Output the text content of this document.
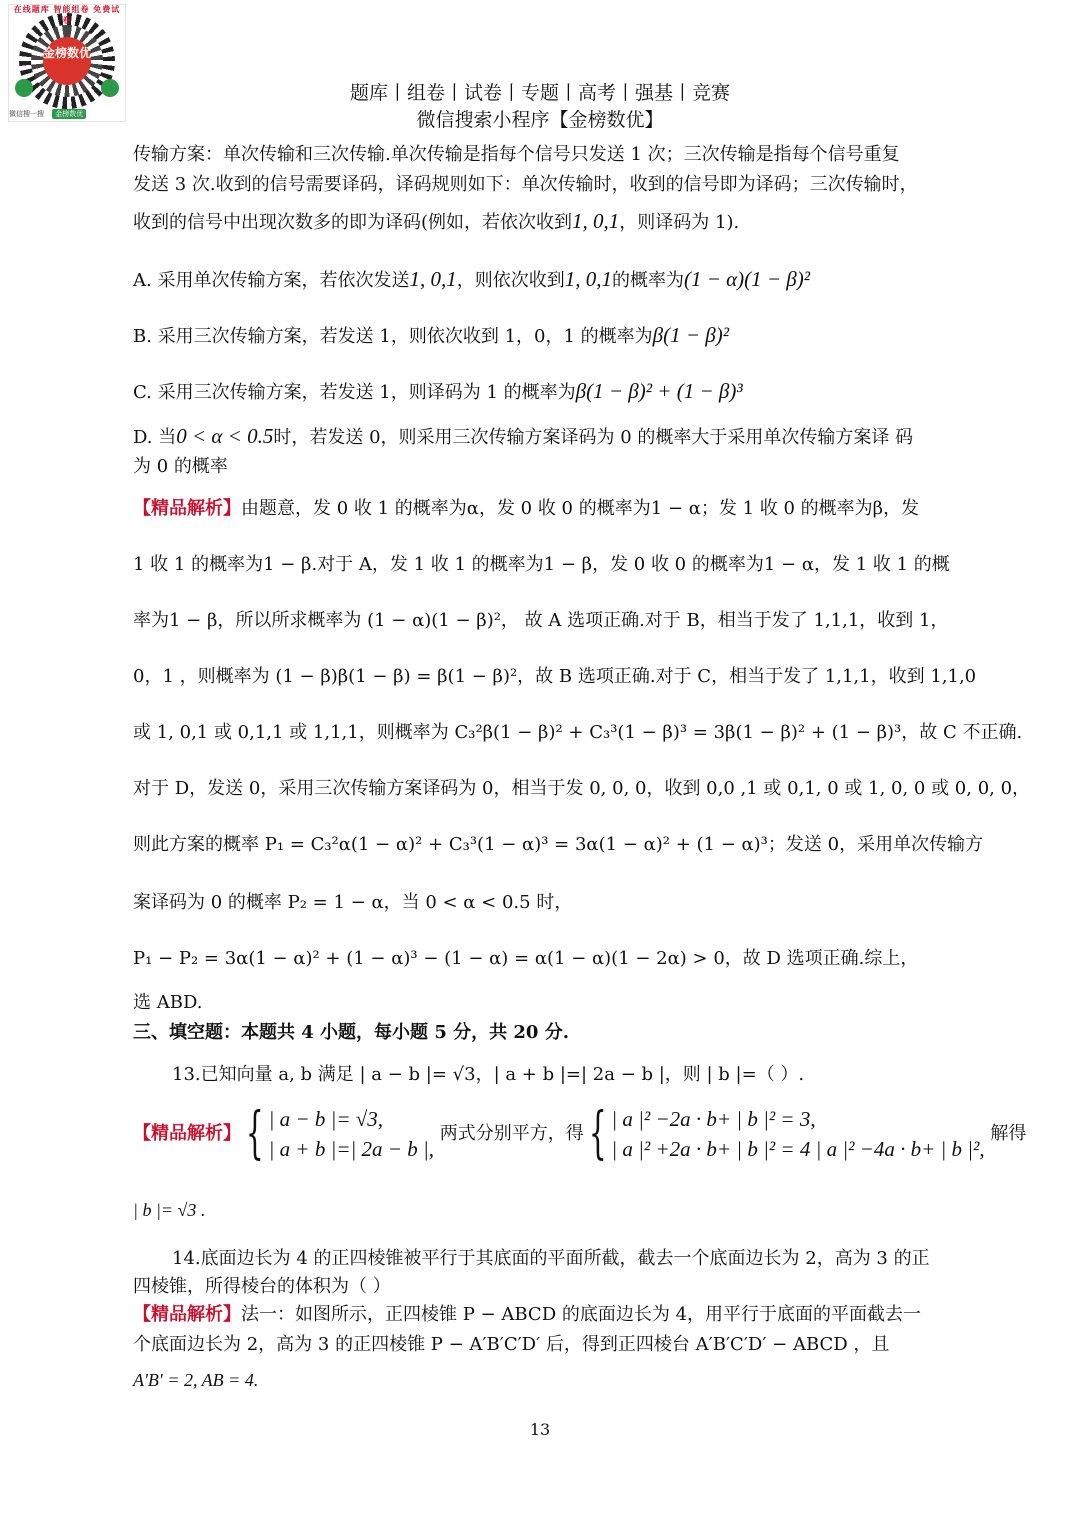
金榜数优
在线题库 智能组卷 免费试卷
微信搜一搜 金榜数优
题库丨组卷丨试卷丨专题丨高考丨强基丨竞赛
微信搜索小程序【金榜数优】
传输方案：单次传输和三次传输.单次传输是指每个信号只发送 1 次；三次传输是指每个信号重复
发送 3 次.收到的信号需要译码，译码规则如下：单次传输时，收到的信号即为译码；三次传输时，
收到的信号中出现次数多的即为译码(例如，若依次收到1, 0,1，则译码为 1).
A. 采用单次传输方案，若依次发送1, 0,1，则依次收到1, 0,1的概率为(1 − α)(1 − β)²
B. 采用三次传输方案，若发送 1，则依次收到 1，0，1 的概率为β(1 − β)²
C. 采用三次传输方案，若发送 1，则译码为 1 的概率为β(1 − β)² + (1 − β)³
D. 当0 < α < 0.5时，若发送 0，则采用三次传输方案译码为 0 的概率大于采用单次传输方案译 码
为 0 的概率
【精品解析】由题意，发 0 收 1 的概率为α，发 0 收 0 的概率为1 − α；发 1 收 0 的概率为β，发
1 收 1 的概率为1 − β.对于 A，发 1 收 1 的概率为1 − β，发 0 收 0 的概率为1 − α，发 1 收 1 的概
率为1 − β，所以所求概率为 (1 − α)(1 − β)²， 故 A 选项正确.对于 B，相当于发了 1,1,1，收到 1，
0，1 ，则概率为 (1 − β)β(1 − β) = β(1 − β)²，故 B 选项正确.对于 C，相当于发了 1,1,1，收到 1,1,0
或 1, 0,1 或 0,1,1 或 1,1,1，则概率为 C₃²β(1 − β)² + C₃³(1 − β)³ = 3β(1 − β)² + (1 − β)³，故 C 不正确.
对于 D，发送 0，采用三次传输方案译码为 0，相当于发 0, 0, 0，收到 0,0 ,1 或 0,1, 0 或 1, 0, 0 或 0, 0, 0，
则此方案的概率 P₁ = C₃²α(1 − α)² + C₃³(1 − α)³ = 3α(1 − α)² + (1 − α)³；发送 0，采用单次传输方
案译码为 0 的概率 P₂ = 1 − α，当 0 < α < 0.5 时，
P₁ − P₂ = 3α(1 − α)² + (1 − α)³ − (1 − α) = α(1 − α)(1 − 2α) > 0，故 D 选项正确.综上，
选 ABD.
三、填空题：本题共 4 小题，每小题 5 分，共 20 分.
13.已知向量 a, b 满足 | a − b |= √3，| a + b |=| 2a − b |，则 | b |=（ ）.
【精品解析】{ | a − b |= √3,
| a + b |=| 2a − b |,
两式分别平方，得{ | a |² −2a · b+ | b |² = 3,
| a |² +2a · b+ | b |² = 4 | a |² −4a · b+ | b |²,
解得
| b |= √3 .
14.底面边长为 4 的正四棱锥被平行于其底面的平面所截，截去一个底面边长为 2，高为 3 的正
四棱锥，所得棱台的体积为（ ）
【精品解析】法一：如图所示，正四棱锥 P − ABCD 的底面边长为 4，用平行于底面的平面截去一
个底面边长为 2，高为 3 的正四棱锥 P − A′B′C′D′ 后，得到正四棱台 A′B′C′D′ − ABCD ，且
A′B′ = 2, AB = 4.
13
